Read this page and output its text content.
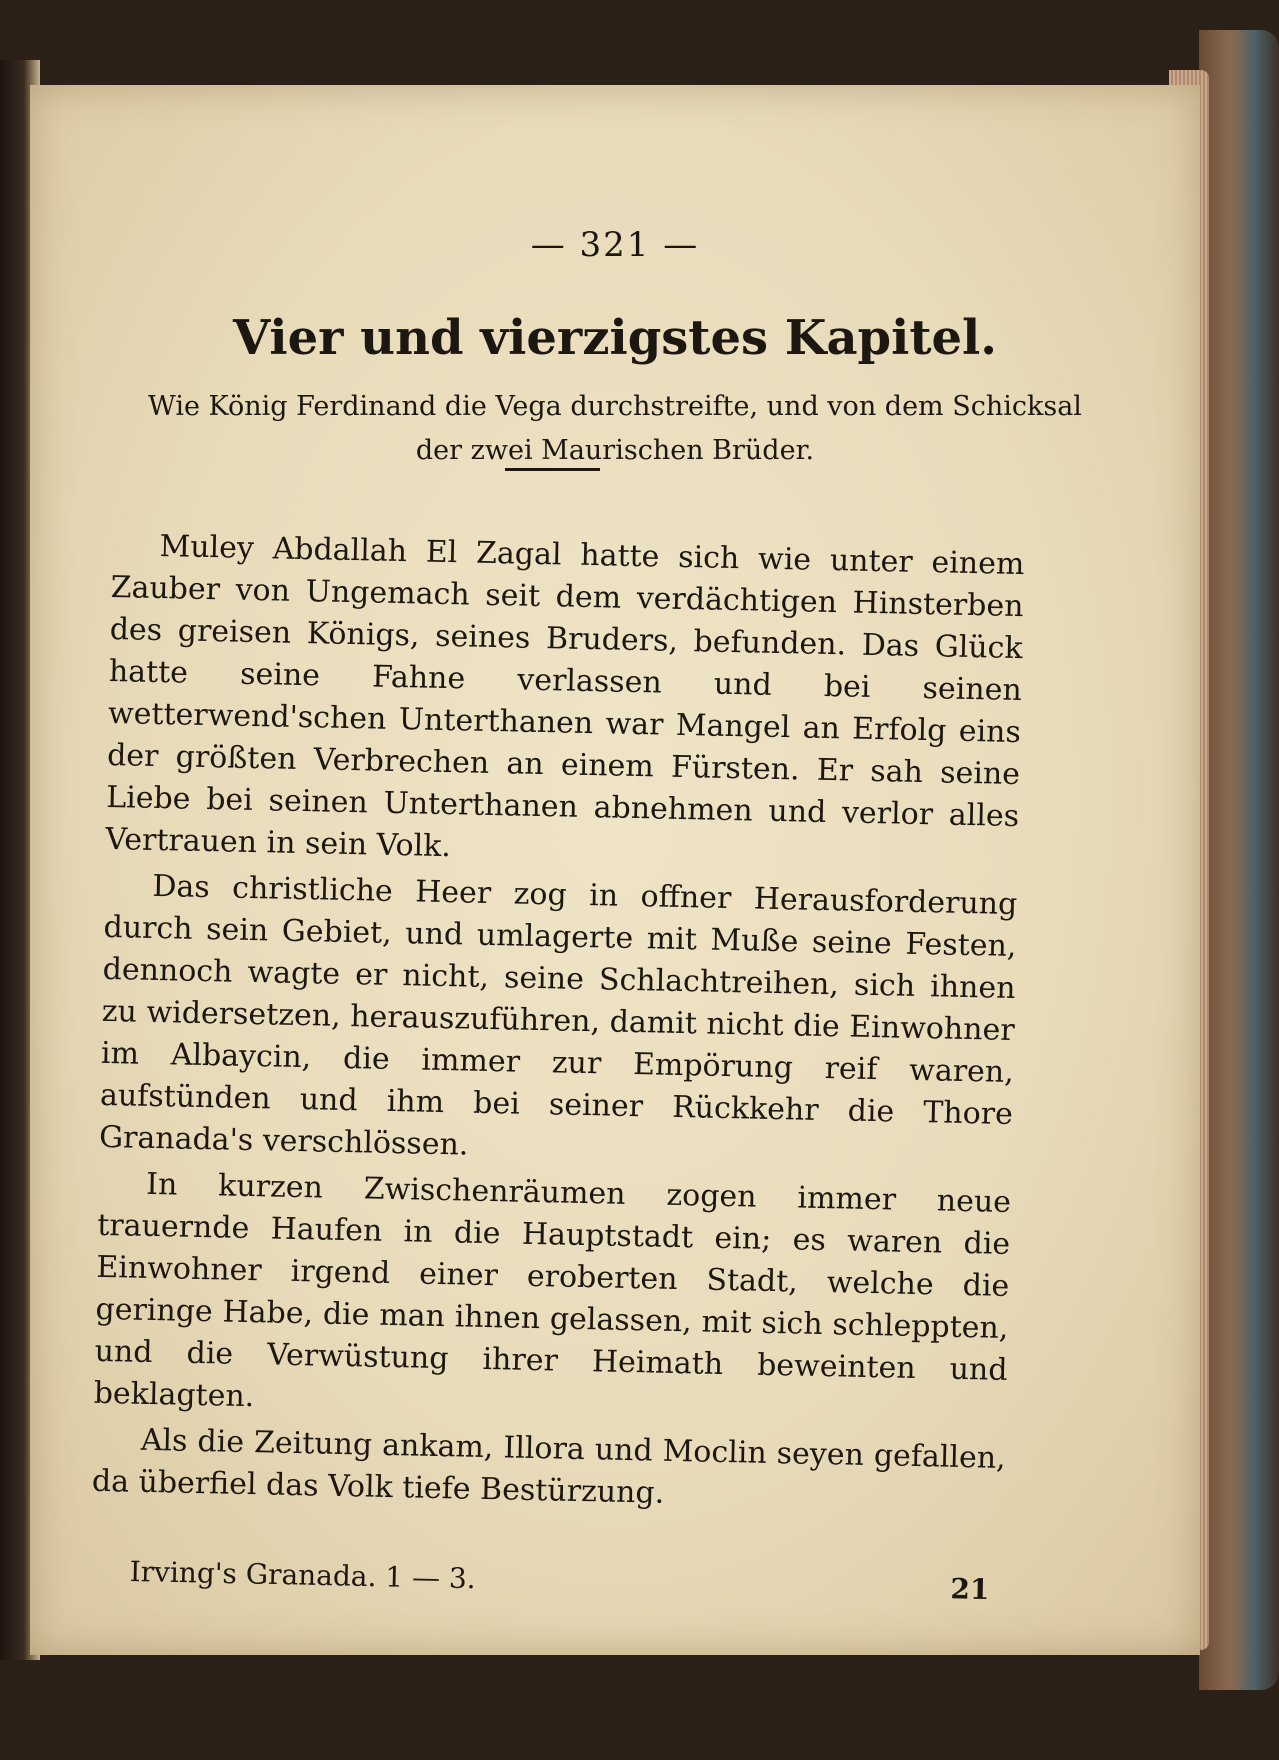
— 321 —
Vier und vierzigstes Kapitel.
Wie König Ferdinand die Vega durchstreifte, und von dem Schicksal der zwei Maurischen Brüder.

Muley Abdallah El Zagal hatte sich wie unter einem Zauber von Ungemach seit dem verdächtigen Hinsterben des greisen Königs, seines Bruders, befunden. Das Glück hatte seine Fahne verlassen und bei seinen wetterwend'schen Unterthanen war Mangel an Erfolg eins der größten Verbrechen an einem Fürsten. Er sah seine Liebe bei seinen Unterthanen abnehmen und verlor alles Vertrauen in sein Volk.

Das christliche Heer zog in offner Herausforderung durch sein Gebiet, und umlagerte mit Muße seine Festen, dennoch wagte er nicht, seine Schlachtreihen, sich ihnen zu widersetzen, herauszuführen, damit nicht die Einwohner im Albaycin, die immer zur Empörung reif waren, aufstünden und ihm bei seiner Rückkehr die Thore Granada's verschlössen.

In kurzen Zwischenräumen zogen immer neue trauernde Haufen in die Hauptstadt ein; es waren die Einwohner irgend einer eroberten Stadt, welche die geringe Habe, die man ihnen gelassen, mit sich schleppten, und die Verwüstung ihrer Heimath beweinten und beklagten.

Als die Zeitung ankam, Illora und Moclin seyen gefallen, da überfiel das Volk tiefe Bestürzung.

Irving's Granada. 1 — 3.	21
